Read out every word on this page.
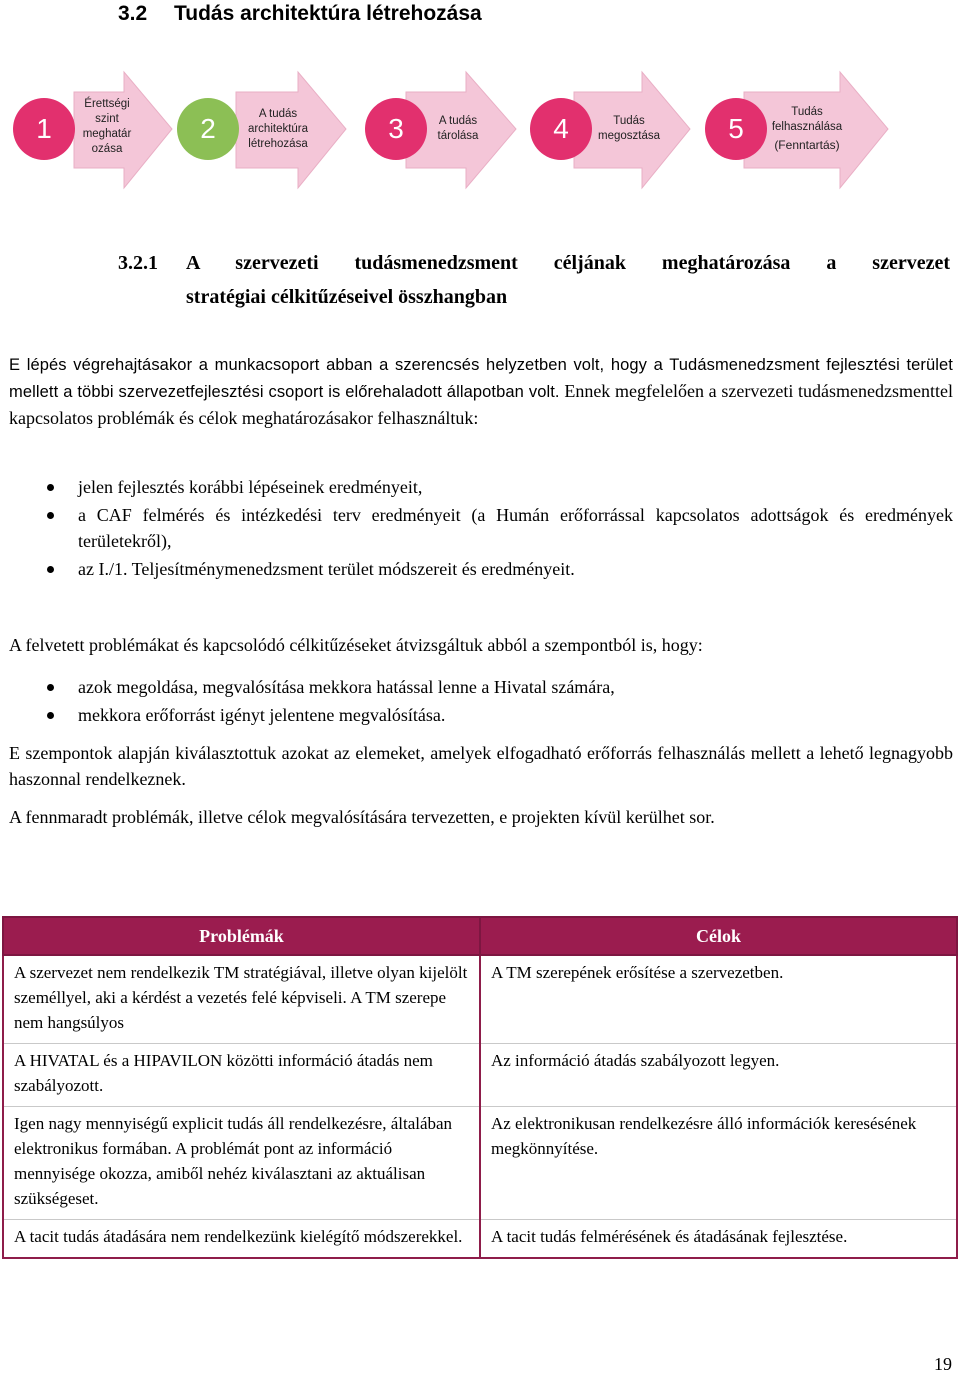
3.2 Tudás architektúra létrehozása
1
Érettségi szint meghatár ozása
2	A tudás architektúra létrehozása	3	A tudás tárolása	4	Tudás megosztása	5
Tudás felhasználása
(Fenntartás)
3.2.1 A szervezeti tudásmenedzsment céljának meghatározása a szervezet
stratégiai célkitűzéseivel összhangban

E lépés végrehajtásakor a munkacsoport abban a szerencsés helyzetben volt, hogy a Tudásmenedzsment fejlesztési terület mellett a többi szervezetfejlesztési csoport is előrehaladott állapotban volt. Ennek megfelelően a szervezeti tudásmenedzsmenttel kapcsolatos problémák és célok meghatározásakor felhasználtuk:

jelen fejlesztés korábbi lépéseinek eredményeit,
a CAF felmérés és intézkedési terv eredményeit (a Humán erőforrással kapcsolatos adottságok és eredmények területekről),
az I./1. Teljesítménymenedzsment terület módszereit és eredményeit.

A felvetett problémákat és kapcsolódó célkitűzéseket átvizsgáltuk abból a szempontból is, hogy:

azok megoldása, megvalósítása mekkora hatással lenne a Hivatal számára,
mekkora erőforrást igényt jelentene megvalósítása.

E szempontok alapján kiválasztottuk azokat az elemeket, amelyek elfogadható erőforrás felhasználás mellett a lehető legnagyobb haszonnal rendelkeznek.

A fennmaradt problémák, illetve célok megvalósítására tervezetten, e projekten kívül kerülhet sor.

Problémák	Célok
A szervezet nem rendelkezik TM stratégiával, illetve olyan kijelölt személlyel, aki a kérdést a vezetés felé képviseli. A TM szerepe nem hangsúlyos	A TM szerepének erősítése a szervezetben.
A HIVATAL és a HIPAVILON közötti információ átadás nem szabályozott.	Az információ átadás szabályozott legyen.
Igen nagy mennyiségű explicit tudás áll rendelkezésre, általában elektronikus formában. A problémát pont az információ mennyisége okozza, amiből nehéz kiválasztani az aktuálisan szükségeset.	Az elektronikusan rendelkezésre álló információk keresésének megkönnyítése.
A tacit tudás átadására nem rendelkezünk kielégítő módszerekkel.	A tacit tudás felmérésének és átadásának fejlesztése.
19
